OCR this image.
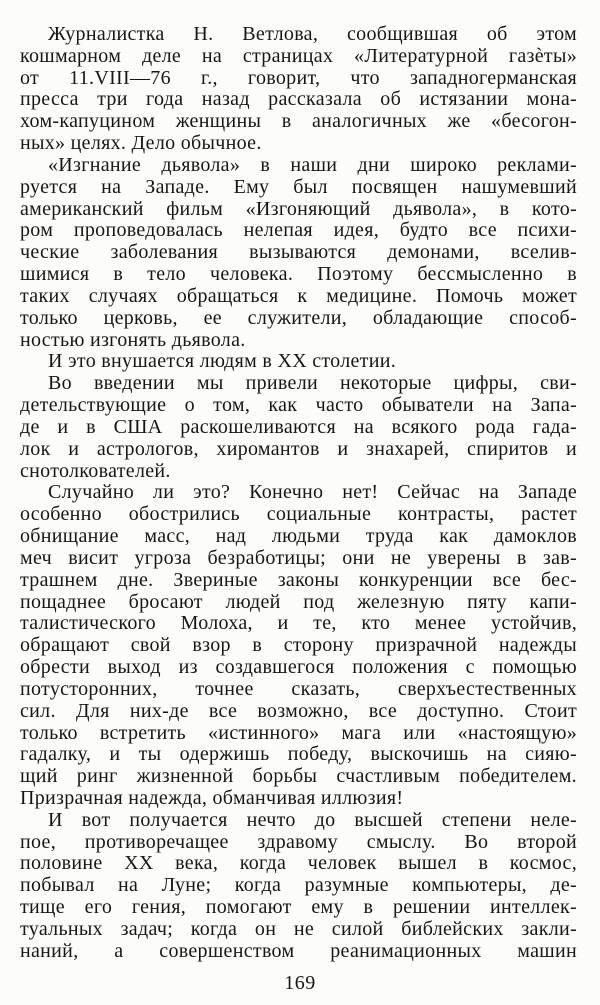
Журналистка Н. Ветлова, сообщившая об этом
кошмарном деле на страницах «Литературной газѐты»
от 11.VIII—76 г., говорит, что западногерманская
пресса три года назад рассказала об истязании мона-
хом-капуцином женщины в аналогичных же «бесогон-
ных» целях. Дело обычное.
«Изгнание дьявола» в наши дни широко реклами-
руется на Западе. Ему был посвящен нашумевший
американский фильм «Изгоняющий дьявола», в кото-
ром проповедовалась нелепая идея, будто все психи-
ческие заболевания вызываются демонами, вселив-
шимися в тело человека. Поэтому бессмысленно в
таких случаях обращаться к медицине. Помочь может
только церковь, ее служители, обладающие способ-
ностью изгонять дьявола.
И это внушается людям в XX столетии.
Во введении мы привели некоторые цифры, сви-
детельствующие о том, как часто обыватели на Запа-
де и в США раскошеливаются на всякого рода гада-
лок и астрологов, хиромантов и знахарей, спиритов и
снотолкователей.
Случайно ли это? Конечно нет! Сейчас на Западе
особенно обострились социальные контрасты, растет
обнищание масс, над людьми труда как дамоклов
меч висит угроза безработицы; они не уверены в зав-
трашнем дне. Звериные законы конкуренции все бес-
пощаднее бросают людей под железную пяту капи-
талистического Молоха, и те, кто менее устойчив,
обращают свой взор в сторону призрачной надежды
обрести выход из создавшегося положения с помощью
потусторонних, точнее сказать, сверхъестественных
сил. Для них-де все возможно, все доступно. Стоит
только встретить «истинного» мага или «настоящую»
гадалку, и ты одержишь победу, выскочишь на сияю-
щий ринг жизненной борьбы счастливым победителем.
Призрачная надежда, обманчивая иллюзия!
И вот получается нечто до высшей степени неле-
пое, противоречащее здравому смыслу. Во второй
половине XX века, когда человек вышел в космос,
побывал на Луне; когда разумные компьютеры, де-
тище его гения, помогают ему в решении интеллек-
туальных задач; когда он не силой библейских закли-
наний, а совершенством реанимационных машин
169
